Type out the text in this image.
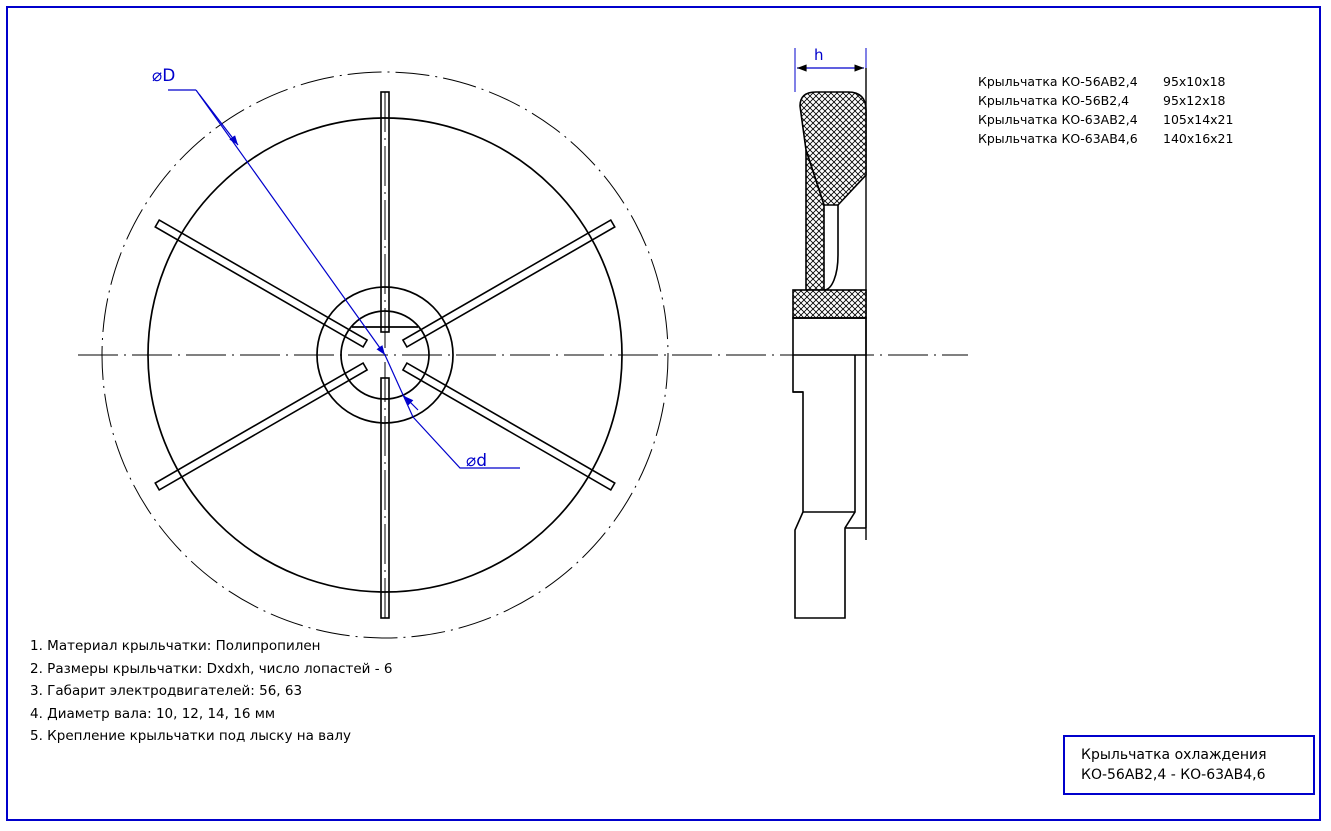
⌀D
⌀d
h
Крыльчатка КО-56АВ2,4	95x10x18
Крыльчатка КО-56В2,4	95x12x18
Крыльчатка КО-63АВ2,4	105x14x21
Крыльчатка КО-63АВ4,6	140x16x21
1. Материал крыльчатки: Полипропилен
2. Размеры крыльчатки: Dxdxh, число лопастей - 6
3. Габарит электродвигателей: 56, 63
4. Диаметр вала: 10, 12, 14, 16 мм
5. Крепление крыльчатки под лыску на валу
Крыльчатка охлаждения
КО-56АВ2,4 - КО-63АВ4,6
